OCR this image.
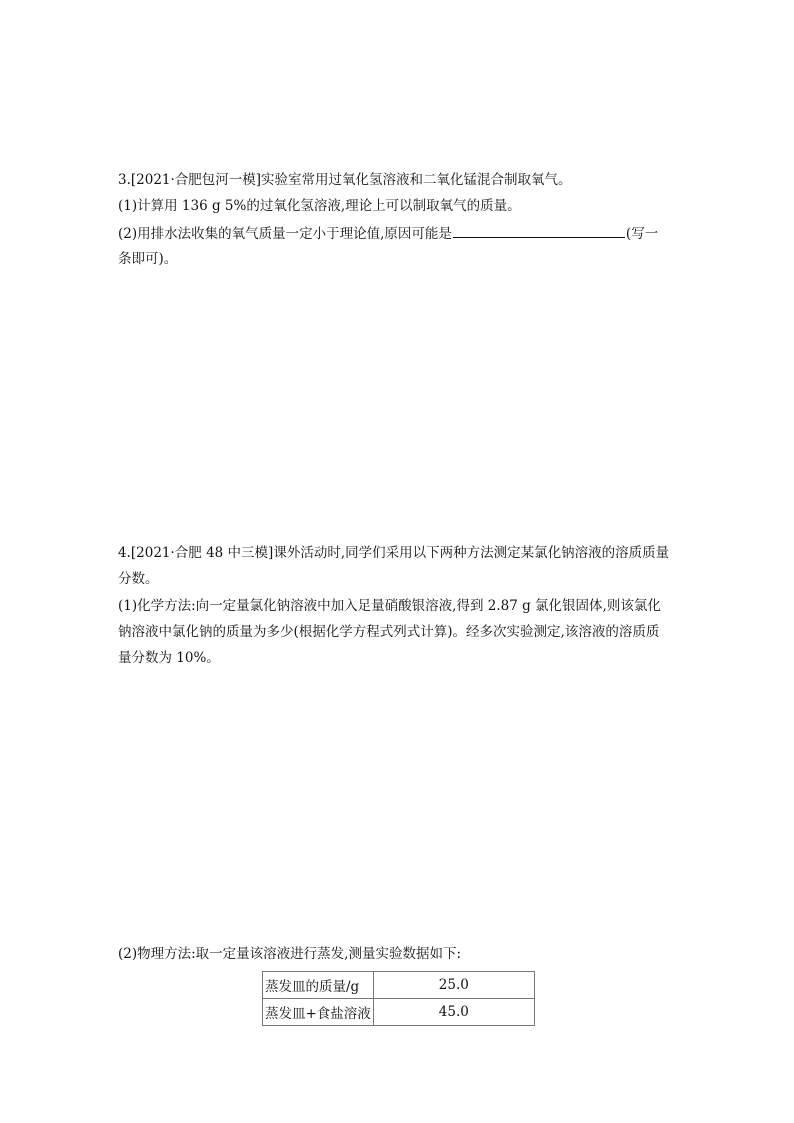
3.[2021·合肥包河一模]实验室常用过氧化氢溶液和二氧化锰混合制取氧气。
(1)计算用 136 g 5%的过氧化氢溶液,理论上可以制取氧气的质量。
(2)用排水法收集的氧气质量一定小于理论值,原因可能是	(写一
条即可)。
4.[2021·合肥 48 中三模]课外活动时,同学们采用以下两种方法测定某氯化钠溶液的溶质质量
分数。
(1)化学方法:向一定量氯化钠溶液中加入足量硝酸银溶液,得到 2.87 g 氯化银固体,则该氯化
钠溶液中氯化钠的质量为多少(根据化学方程式列式计算)。经多次实验测定,该溶液的溶质质
量分数为 10%。
(2)物理方法:取一定量该溶液进行蒸发,测量实验数据如下:
蒸发皿的质量/g	25.0
蒸发皿+食盐溶液	45.0
